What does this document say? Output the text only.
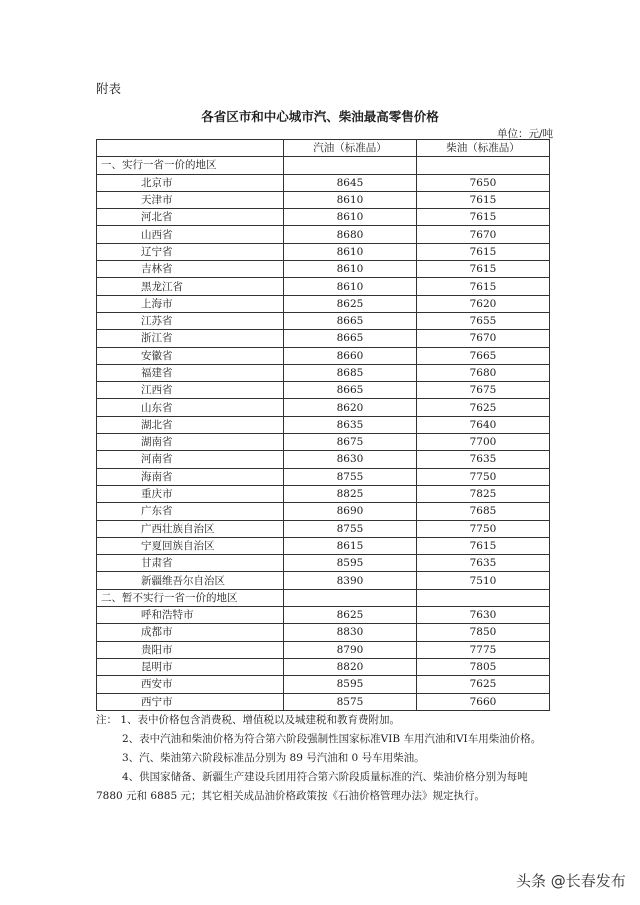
附表
各省区市和中心城市汽、柴油最高零售价格
单位：元/吨
	汽油（标准品）	柴油（标准品）
一、实行一省一价的地区		
北京市	8645	7650
天津市	8610	7615
河北省	8610	7615
山西省	8680	7670
辽宁省	8610	7615
吉林省	8610	7615
黑龙江省	8610	7615
上海市	8625	7620
江苏省	8665	7655
浙江省	8665	7670
安徽省	8660	7665
福建省	8685	7680
江西省	8665	7675
山东省	8620	7625
湖北省	8635	7640
湖南省	8675	7700
河南省	8630	7635
海南省	8755	7750
重庆市	8825	7825
广东省	8690	7685
广西壮族自治区	8755	7750
宁夏回族自治区	8615	7615
甘肃省	8595	7635
新疆维吾尔自治区	8390	7510
二、暂不实行一省一价的地区		
呼和浩特市	8625	7630
成都市	8830	7850
贵阳市	8790	7775
昆明市	8820	7805
西安市	8595	7625
西宁市	8575	7660

注： 1、表中价格包含消费税、增值税以及城建税和教育费附加。

2、表中汽油和柴油价格为符合第六阶段强制性国家标准VIB 车用汽油和VI车用柴油价格。

3、汽、柴油第六阶段标准品分别为 89 号汽油和 0 号车用柴油。

4、供国家储备、新疆生产建设兵团用符合第六阶段质量标准的汽、柴油价格分别为每吨7880 元和 6885 元；其它相关成品油价格政策按《石油价格管理办法》规定执行。

头条 @长春发布
